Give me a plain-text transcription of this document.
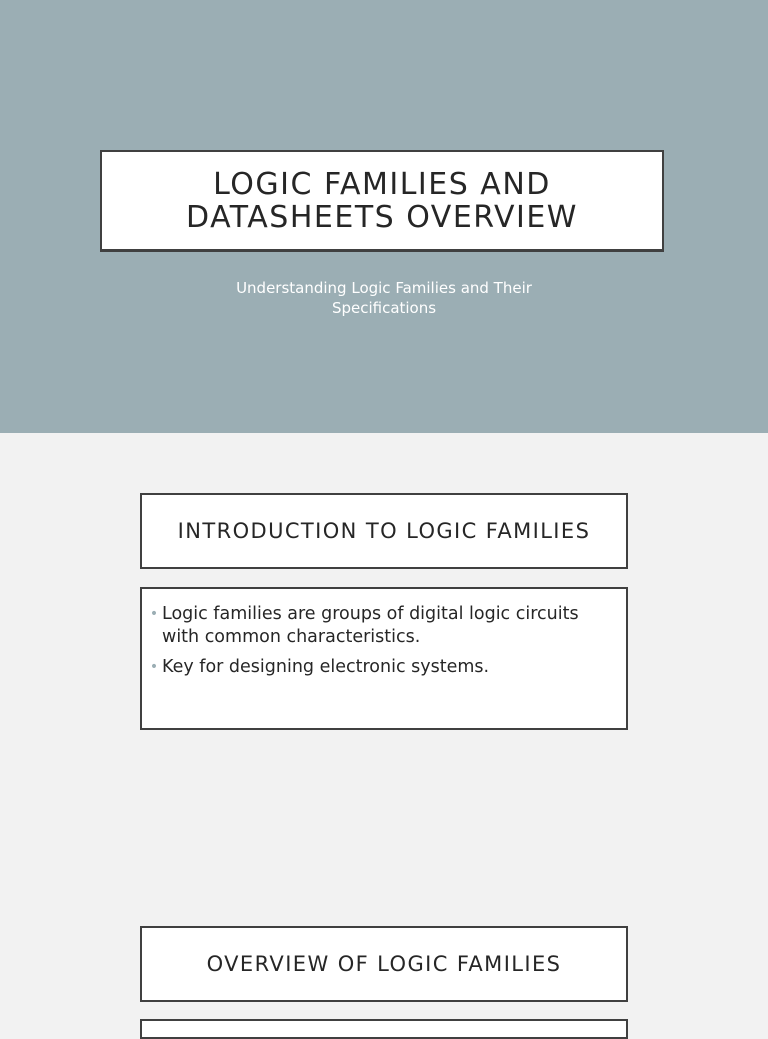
LOGIC FAMILIES AND DATASHEETS OVERVIEW
Understanding Logic Families and Their Specifications
INTRODUCTION TO LOGIC FAMILIES
• Logic families are groups of digital logic circuits with common characteristics.
• Key for designing electronic systems.
OVERVIEW OF LOGIC FAMILIES
